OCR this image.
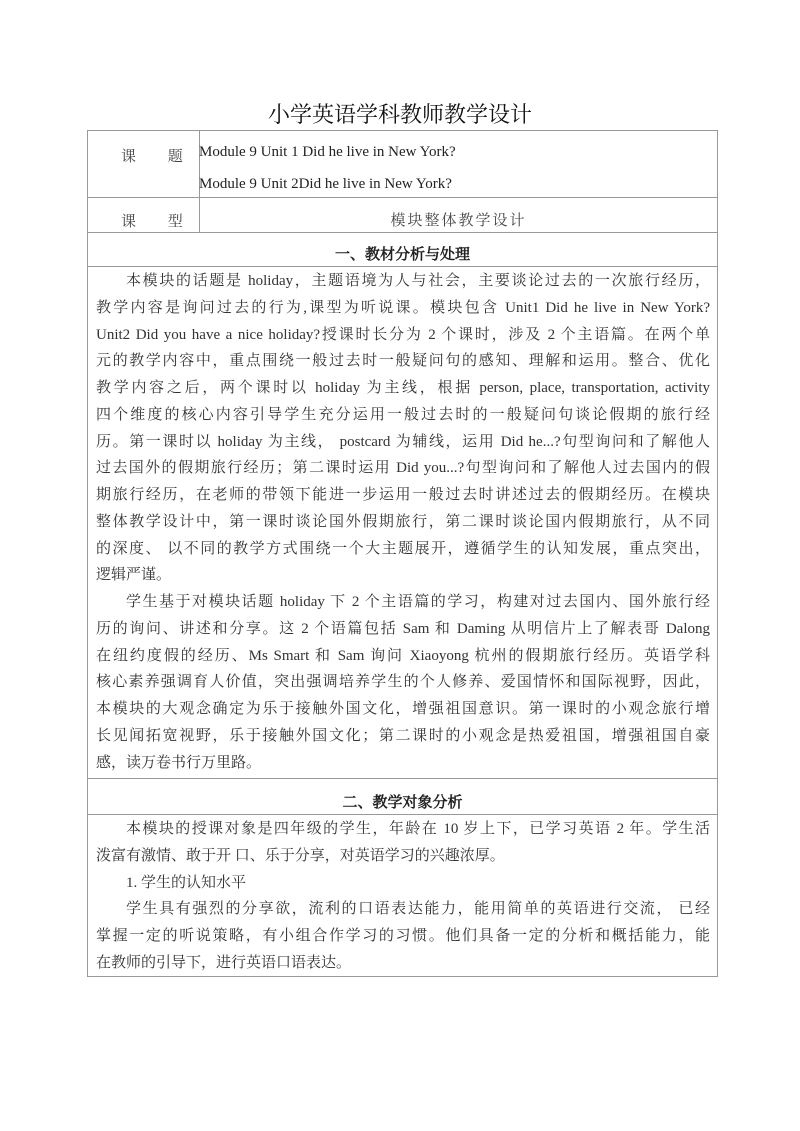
小学英语学科教师教学设计
课 题 Module 9 Unit 1 Did he live in New York?
Module 9 Unit 2Did he live in New York?
课 型	模块整体教学设计
一、教材分析与处理
本模块的话题是 holiday，主题语境为人与社会，主要谈论过去的一次旅行经历，
教学内容是询问过去的行为,课型为听说课。模块包含 Unit1 Did he live in New York?
Unit2 Did you have a nice holiday?授课时长分为 2 个课时，涉及 2 个主语篇。在两个单
元的教学内容中，重点围绕一般过去时一般疑问句的感知、理解和运用。整合、优化
教学内容之后，两个课时以 holiday 为主线，根据 person, place, transportation, activity
四个维度的核心内容引导学生充分运用一般过去时的一般疑问句谈论假期的旅行经
历。第一课时以 holiday 为主线， postcard 为辅线，运用 Did he...?句型询问和了解他人
过去国外的假期旅行经历；第二课时运用 Did you...?句型询问和了解他人过去国内的假
期旅行经历，在老师的带领下能进一步运用一般过去时讲述过去的假期经历。在模块
整体教学设计中，第一课时谈论国外假期旅行，第二课时谈论国内假期旅行，从不同
的深度、 以不同的教学方式围绕一个大主题展开，遵循学生的认知发展，重点突出，
逻辑严谨。
学生基于对模块话题 holiday 下 2 个主语篇的学习，构建对过去国内、国外旅行经
历的询问、讲述和分享。这 2 个语篇包括 Sam 和 Daming 从明信片上了解表哥 Dalong
在纽约度假的经历、Ms Smart 和 Sam 询问 Xiaoyong 杭州的假期旅行经历。英语学科
核心素养强调育人价值，突出强调培养学生的个人修养、爱国情怀和国际视野，因此，
本模块的大观念确定为乐于接触外国文化，增强祖国意识。第一课时的小观念旅行增
长见闻拓宽视野，乐于接触外国文化；第二课时的小观念是热爱祖国，增强祖国自豪
感，读万卷书行万里路。
二、教学对象分析
本模块的授课对象是四年级的学生，年龄在 10 岁上下，已学习英语 2 年。学生活
泼富有激情、敢于开 口、乐于分享，对英语学习的兴趣浓厚。
1. 学生的认知水平
学生具有强烈的分享欲，流利的口语表达能力，能用简单的英语进行交流， 已经
掌握一定的听说策略，有小组合作学习的习惯。他们具备一定的分析和概括能力，能
在教师的引导下，进行英语口语表达。
